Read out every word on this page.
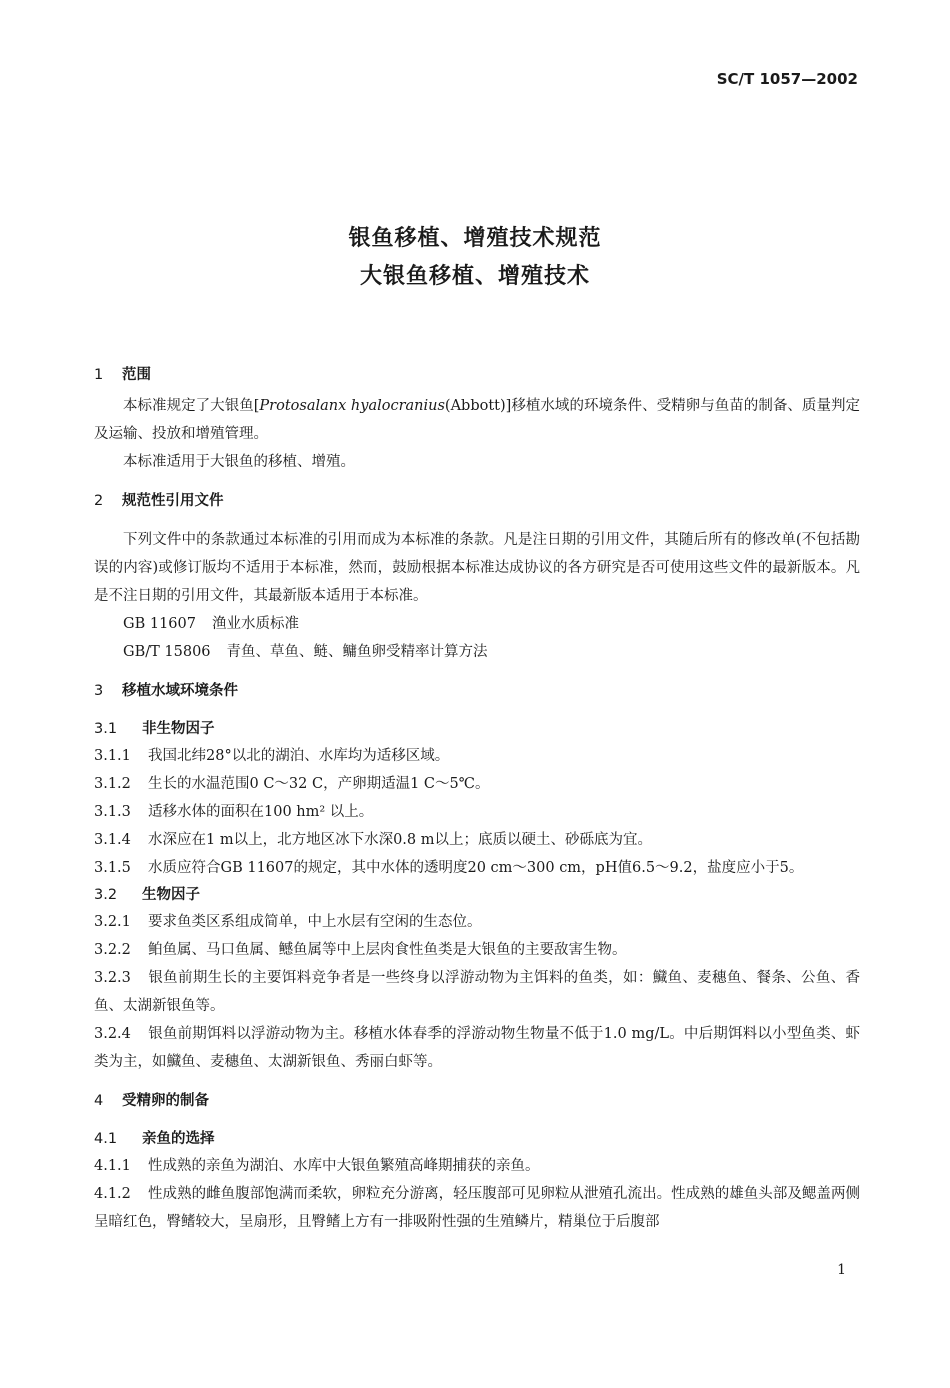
SC/T 1057—2002
银鱼移植、增殖技术规范
大银鱼移植、增殖技术
1	范围
本标准规定了大银鱼[Protosalanx hyalocranius(Abbott)]移植水域的环境条件、受精卵与鱼苗的制备、质量判定及运输、投放和增殖管理。
本标准适用于大银鱼的移植、增殖。
2	规范性引用文件
下列文件中的条款通过本标准的引用而成为本标准的条款。凡是注日期的引用文件，其随后所有的修改单(不包括勘误的内容)或修订版均不适用于本标准，然而，鼓励根据本标准达成协议的各方研究是否可使用这些文件的最新版本。凡是不注日期的引用文件，其最新版本适用于本标准。
GB 11607 渔业水质标准
GB/T 15806 青鱼、草鱼、鲢、鳙鱼卵受精率计算方法
3	移植水域环境条件
3.1	非生物因子
3.1.1 我国北纬28°以北的湖泊、水库均为适移区域。
3.1.2 生长的水温范围0 C～32 C，产卵期适温1 C～5℃。
3.1.3 适移水体的面积在100 hm² 以上。
3.1.4 水深应在1 m以上，北方地区冰下水深0.8 m以上；底质以硬土、砂砾底为宜。
3.1.5 水质应符合GB 11607的规定，其中水体的透明度20 cm～300 cm，pH值6.5～9.2，盐度应小于5。
3.2	生物因子
3.2.1 要求鱼类区系组成简单，中上水层有空闲的生态位。
3.2.2 鲌鱼属、马口鱼属、鳡鱼属等中上层肉食性鱼类是大银鱼的主要敌害生物。
3.2.3 银鱼前期生长的主要饵料竞争者是一些终身以浮游动物为主饵料的鱼类，如：鱵鱼、麦穗鱼、餐条、公鱼、香鱼、太湖新银鱼等。
3.2.4 银鱼前期饵料以浮游动物为主。移植水体春季的浮游动物生物量不低于1.0 mg/L。中后期饵料以小型鱼类、虾类为主，如鱵鱼、麦穗鱼、太湖新银鱼、秀丽白虾等。
4	受精卵的制备
4.1	亲鱼的选择
4.1.1 性成熟的亲鱼为湖泊、水库中大银鱼繁殖高峰期捕获的亲鱼。
4.1.2 性成熟的雌鱼腹部饱满而柔软，卵粒充分游离，轻压腹部可见卵粒从泄殖孔流出。性成熟的雄鱼头部及鳃盖两侧呈暗红色，臀鳍较大，呈扇形，且臀鳍上方有一排吸附性强的生殖鳞片，精巢位于后腹部
1
